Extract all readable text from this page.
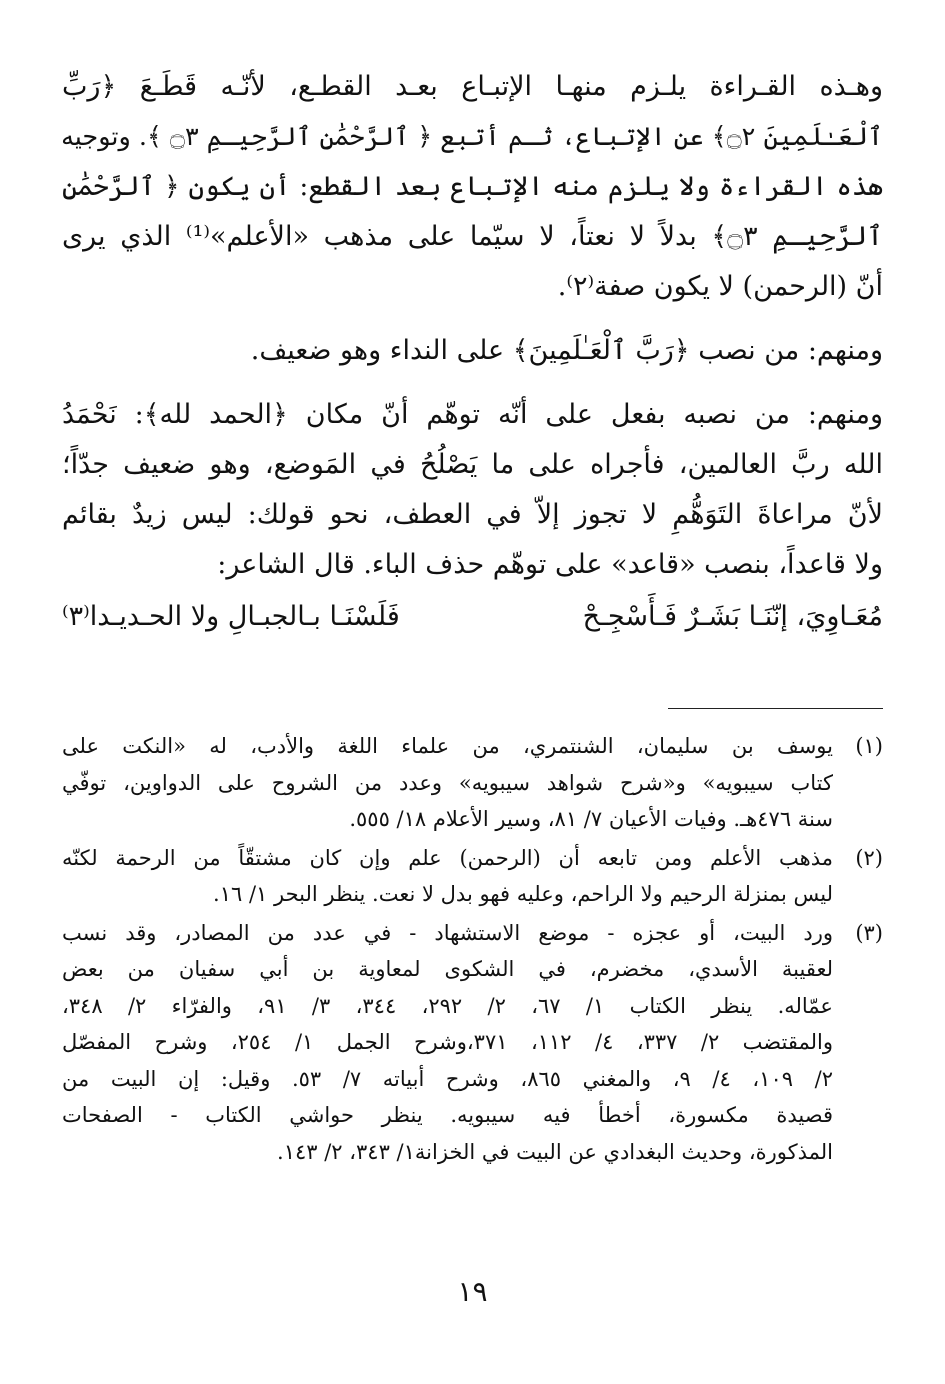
وهـذه القـراءة يلـزم منهـا الإتبـاع بعـد القطـع، لأنّـه قَطَـعَ ﴿رَبِّ
ٱلْعَـٰلَمِينَ ۝٢﴾ عن الإتباع، ثـم أتبع ﴿ ٱلرَّحْمَٰنِ ٱلرَّحِيـمِ ۝٣ ﴾. وتوجيه
هذه القراءة ولا يلزم منه الإتباع بعد القطع: أن يكون ﴿ ٱلرَّحْمَٰنِ
ٱلرَّحِيـمِ ۝٣﴾ بدلاً لا نعتاً، لا سيّما على مذهب «الأعلم»⁽¹⁾ الذي يرى
أنّ (الرحمن) لا يكون صفة⁽٢⁾.
ومنهم: من نصب ﴿رَبَّ ٱلْعَـٰلَمِينَ﴾ على النداء وهو ضعيف.
ومنهم: من نصبه بفعل على أنّه توهّم أنّ مكان ﴿الحمد لله﴾: نَحْمَدُ
الله ربَّ العالمين، فأجراه على ما يَصْلُحُ في المَوضع، وهو ضعيف جدّاً؛
لأنّ مراعاةَ التَوَهُّمِ لا تجوز إلاّ في العطف، نحو قولك: ليس زيدٌ بقائم
ولا قاعداً، بنصب «قاعد» على توهّم حذف الباء. قال الشاعر:
مُعَـاوِيَ، إنّنَـا بَشَـرٌ فَـأَسْجِـحْ
فَلَسْنَـا بـالجبـالِ ولا الحـديـدا⁽٣⁾
(١)
يوسف بن سليمان، الشنتمري، من علماء اللغة والأدب، له «النكت على
كتاب سيبويه» و«شرح شواهد سيبويه» وعدد من الشروح على الدواوين، توفّي
سنة ٤٧٦هـ. وفيات الأعيان ٧/ ٨١، وسير الأعلام ١٨/ ٥٥٥.
(٢)
مذهب الأعلم ومن تابعه أن (الرحمن) علم وإن كان مشتقّاً من الرحمة لكنّه
ليس بمنزلة الرحيم ولا الراحم، وعليه فهو بدل لا نعت. ينظر البحر ١/ ١٦.
(٣)
ورد البيت، أو عجزه - موضع الاستشهاد - في عدد من المصادر، وقد نسب
لعقيبة الأسدي، مخضرم، في الشكوى لمعاوية بن أبي سفيان من بعض
عمّاله. ينظر الكتاب ١/ ٦٧، ٢/ ٢٩٢، ٣٤٤، ٣/ ٩١، والفرّاء ٢/ ٣٤٨،
والمقتضب ٢/ ٣٣٧، ٤/ ١١٢، ٣٧١،وشرح الجمل ١/ ٢٥٤، وشرح المفصّل
٢/ ١٠٩، ٤/ ٩، والمغني ٨٦٥، وشرح أبياته ٧/ ٥٣. وقيل: إن البيت من
قصيدة مكسورة، أخطأ فيه سيبويه. ينظر حواشي الكتاب - الصفحات
المذكورة، وحديث البغدادي عن البيت في الخزانة١/ ٣٤٣، ٢/ ١٤٣.
١٩
